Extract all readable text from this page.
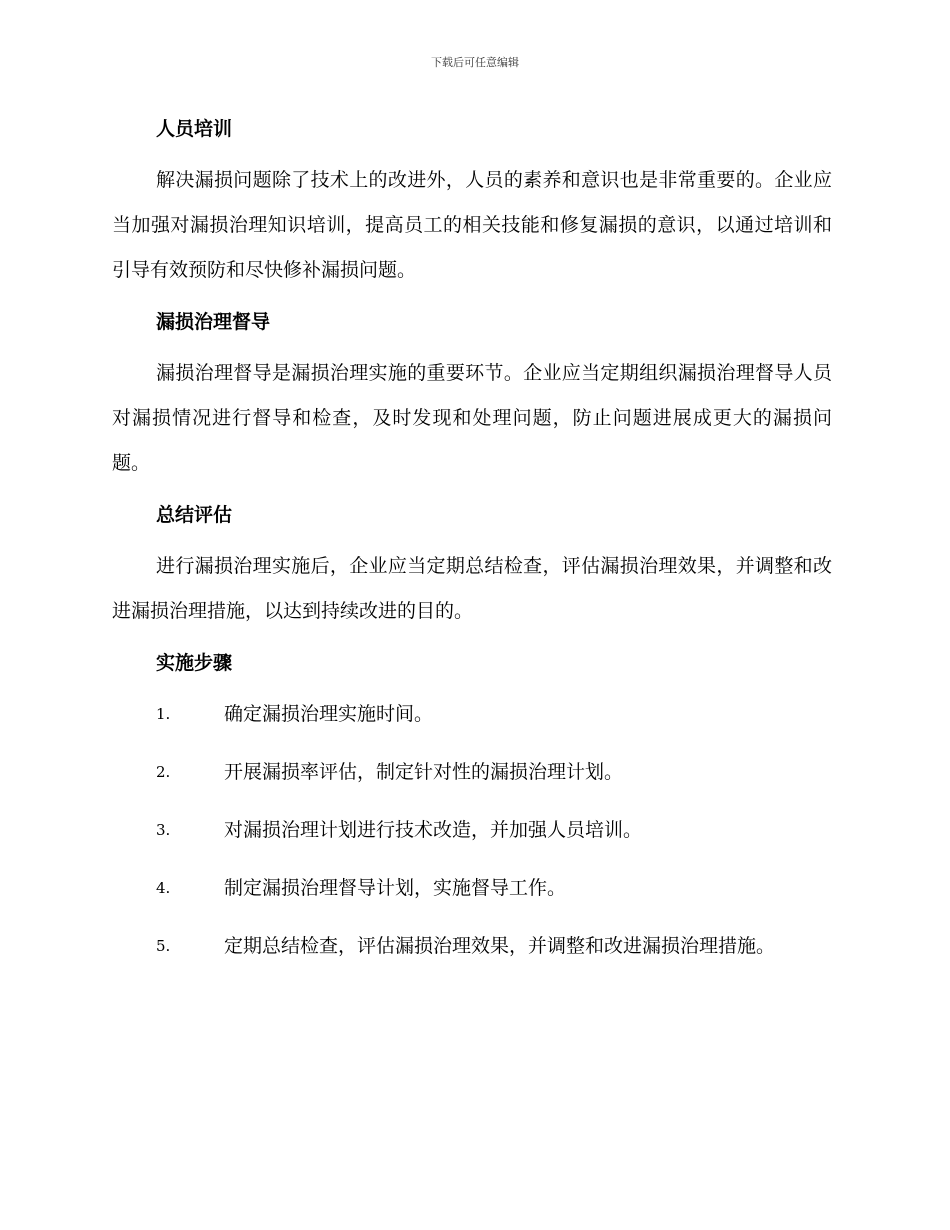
下载后可任意编辑
人员培训

解决漏损问题除了技术上的改进外，人员的素养和意识也是非常重要的。企业应当加强对漏损治理知识培训，提高员工的相关技能和修复漏损的意识，以通过培训和引导有效预防和尽快修补漏损问题。

漏损治理督导

漏损治理督导是漏损治理实施的重要环节。企业应当定期组织漏损治理督导人员对漏损情况进行督导和检查，及时发现和处理问题，防止问题进展成更大的漏损问题。

总结评估

进行漏损治理实施后，企业应当定期总结检查，评估漏损治理效果，并调整和改进漏损治理措施，以达到持续改进的目的。

实施步骤
1.	确定漏损治理实施时间。
2.	开展漏损率评估，制定针对性的漏损治理计划。
3.	对漏损治理计划进行技术改造，并加强人员培训。
4.	制定漏损治理督导计划，实施督导工作。
5.	定期总结检查，评估漏损治理效果，并调整和改进漏损治理措施。
